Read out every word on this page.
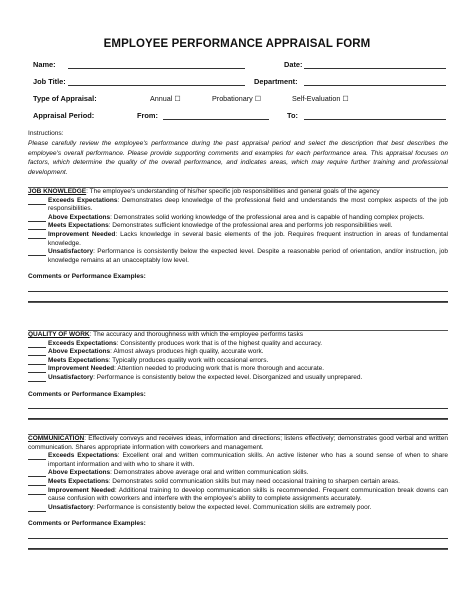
EMPLOYEE PERFORMANCE APPRAISAL FORM
Name:	Date:
Job Title:	Department:
Type of Appraisal:	Annual ☐	Probationary ☐	Self-Evaluation ☐
Appraisal Period:	From:	To:
Instructions:
Please carefully review the employee's performance during the past appraisal period and select the description that best describes the employee's overall performance. Please provide supporting comments and examples for each performance area. This appraisal focuses on factors, which determine the quality of the overall performance, and indicates areas, which may require further training and professional development.
JOB KNOWLEDGE: The employee's understanding of his/her specific job responsibilities and general goals of the agency
Exceeds Expectations: Demonstrates deep knowledge of the professional field and understands the most complex aspects of the job responsibilities.
Above Expectations: Demonstrates solid working knowledge of the professional area and is capable of handing complex projects.
Meets Expectations: Demonstrates sufficient knowledge of the professional area and performs job responsibilities well.
Improvement Needed: Lacks knowledge in several basic elements of the job. Requires frequent instruction in areas of fundamental knowledge.
Unsatisfactory: Performance is consistently below the expected level. Despite a reasonable period of orientation, and/or instruction, job knowledge remains at an unacceptably low level.
Comments or Performance Examples:
QUALITY OF WORK: The accuracy and thoroughness with which the employee performs tasks
Exceeds Expectations: Consistently produces work that is of the highest quality and accuracy.
Above Expectations: Almost always produces high quality, accurate work.
Meets Expectations: Typically produces quality work with occasional errors.
Improvement Needed: Attention needed to producing work that is more thorough and accurate.
Unsatisfactory: Performance is consistently below the expected level. Disorganized and usually unprepared.
Comments or Performance Examples:
COMMUNICATION: Effectively conveys and receives ideas, information and directions; listens effectively; demonstrates good verbal and written communication. Shares appropriate information with coworkers and management.
Exceeds Expectations: Excellent oral and written communication skills. An active listener who has a sound sense of when to share important information and with who to share it with.
Above Expectations: Demonstrates above average oral and written communication skills.
Meets Expectations: Demonstrates solid communication skills but may need occasional training to sharpen certain areas.
Improvement Needed: Additional training to develop communication skills is recommended. Frequent communication break downs can cause confusion with coworkers and interfere with the employee's ability to complete assignments accurately.
Unsatisfactory: Performance is consistently below the expected level. Communication skills are extremely poor.
Comments or Performance Examples:
